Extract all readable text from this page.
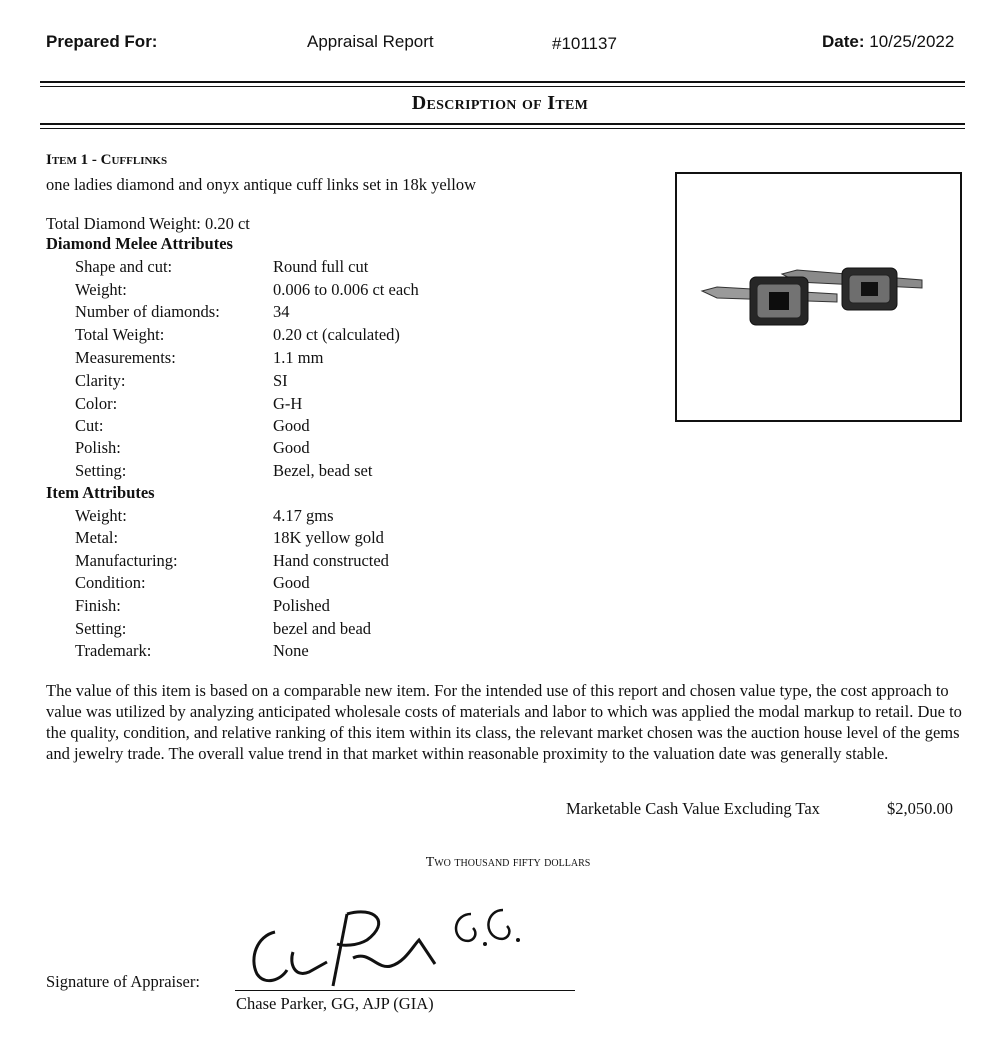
Prepared For:	Appraisal Report	#101137	Date: 10/25/2022
Description of Item
Item 1 - Cufflinks
one ladies diamond and onyx antique cuff links set in 18k yellow
Total Diamond Weight: 0.20 ct
Diamond Melee Attributes
Shape and cut:	Round full cut
Weight:	0.006 to 0.006 ct each
Number of diamonds:	34
Total Weight:	0.20 ct (calculated)
Measurements:	1.1 mm
Clarity:	SI
Color:	G-H
Cut:	Good
Polish:	Good
Setting:	Bezel, bead set
Item Attributes
Weight:	4.17 gms
Metal:	18K yellow gold
Manufacturing:	Hand constructed
Condition:	Good
Finish:	Polished
Setting:	bezel and bead
Trademark:	None
The value of this item is based on a comparable new item. For the intended use of this report and chosen value type, the cost approach to value was utilized by analyzing anticipated wholesale costs of materials and labor to which was applied the modal markup to retail. Due to the quality, condition, and relative ranking of this item within its class, the relevant market chosen was the auction house level of the gems and jewelry trade. The overall value trend in that market within reasonable proximity to the valuation date was generally stable.
Marketable Cash Value Excluding Tax	$2,050.00
Two thousand fifty dollars
Signature of Appraiser:
Chase Parker, GG, AJP (GIA)
